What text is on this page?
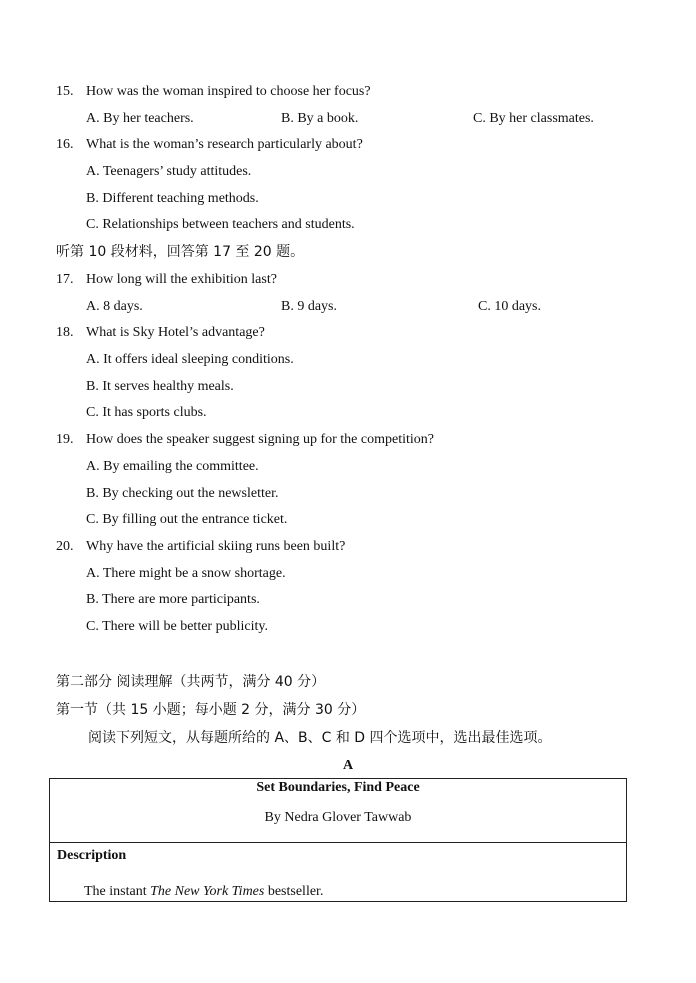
15. How was the woman inspired to choose her focus?
A. By her teachers.	B. By a book.	C. By her classmates.
16. What is the woman’s research particularly about?
A. Teenagers’ study attitudes.
B. Different teaching methods.
C. Relationships between teachers and students.
听第 10 段材料，回答第 17 至 20 题。
17. How long will the exhibition last?
A. 8 days.	B. 9 days.	C. 10 days.
18. What is Sky Hotel’s advantage?
A. It offers ideal sleeping conditions.
B. It serves healthy meals.
C. It has sports clubs.
19. How does the speaker suggest signing up for the competition?
A. By emailing the committee.
B. By checking out the newsletter.
C. By filling out the entrance ticket.
20. Why have the artificial skiing runs been built?
A. There might be a snow shortage.
B. There are more participants.
C. There will be better publicity.
第二部分 阅读理解（共两节，满分 40 分）
第一节（共 15 小题；每小题 2 分，满分 30 分）
阅读下列短文，从每题所给的 A、B、C 和 D 四个选项中，选出最佳选项。
A
Set Boundaries, Find Peace
By Nedra Glover Tawwab
Description
The instant The New York Times bestseller.
